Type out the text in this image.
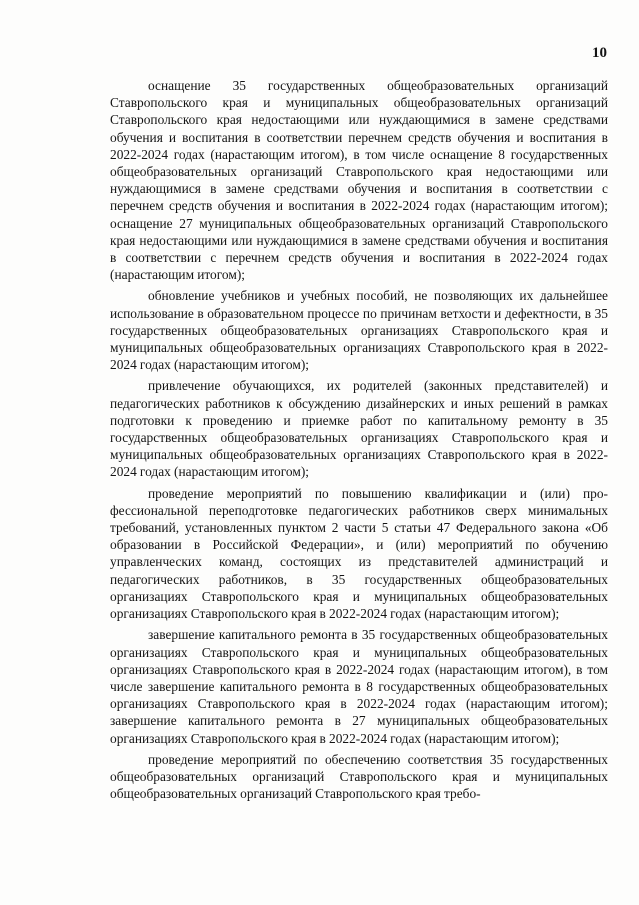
10

оснащение 35 государственных общеобразовательных организаций Ставропольского края и муниципальных общеобразовательных организаций Ставропольского края недостающими или нуждающимися в замене средствами обучения и воспитания в соответствии перечнем средств обучения и воспитания в 2022-2024 годах (нарастающим итогом), в том числе оснащение 8 государственных общеобразовательных организаций Ставропольского края недостающими или нуждающимися в замене средствами обучения и воспитания в соответствии с перечнем средств обучения и воспитания в 2022-2024 годах (нарастающим итогом); оснащение 27 муниципальных общеобразовательных организаций Ставропольского края недостающими или нуждающимися в замене средствами обучения и воспитания в соответствии с перечнем средств обучения и воспитания в 2022-2024 годах (нарастающим итогом);

обновление учебников и учебных пособий, не позволяющих их дальнейшее использование в образовательном процессе по причинам ветхости и дефектности, в 35 государственных общеобразовательных организациях Ставропольского края и муниципальных общеобразовательных организациях Ставропольского края в 2022-2024 годах (нарастающим итогом);

привлечение обучающихся, их родителей (законных представителей) и педагогических работников к обсуждению дизайнерских и иных решений в рамках подготовки к проведению и приемке работ по капитальному ремонту в 35 государственных общеобразовательных организациях Ставропольского края и муниципальных общеобразовательных организациях Ставропольского края в 2022-2024 годах (нарастающим итогом);

проведение мероприятий по повышению квалификации и (или) профессиональной переподготовке педагогических работников сверх минимальных требований, установленных пунктом 2 части 5 статьи 47 Федерального закона «Об образовании в Российской Федерации», и (или) мероприятий по обучению управленческих команд, состоящих из представителей администраций и педагогических работников, в 35 государственных общеобразовательных организациях Ставропольского края и муниципальных общеобразовательных организациях Ставропольского края в 2022-2024 годах (нарастающим итогом);

завершение капитального ремонта в 35 государственных общеобразовательных организациях Ставропольского края и муниципальных общеобразовательных организациях Ставропольского края в 2022-2024 годах (нарастающим итогом), в том числе завершение капитального ремонта в 8 государственных общеобразовательных организациях Ставропольского края в 2022-2024 годах (нарастающим итогом); завершение капитального ремонта в 27 муниципальных общеобразовательных организациях Ставропольского края в 2022-2024 годах (нарастающим итогом);

проведение мероприятий по обеспечению соответствия 35 государственных общеобразовательных организаций Ставропольского края и муниципальных общеобразовательных организаций Ставропольского края требо-
